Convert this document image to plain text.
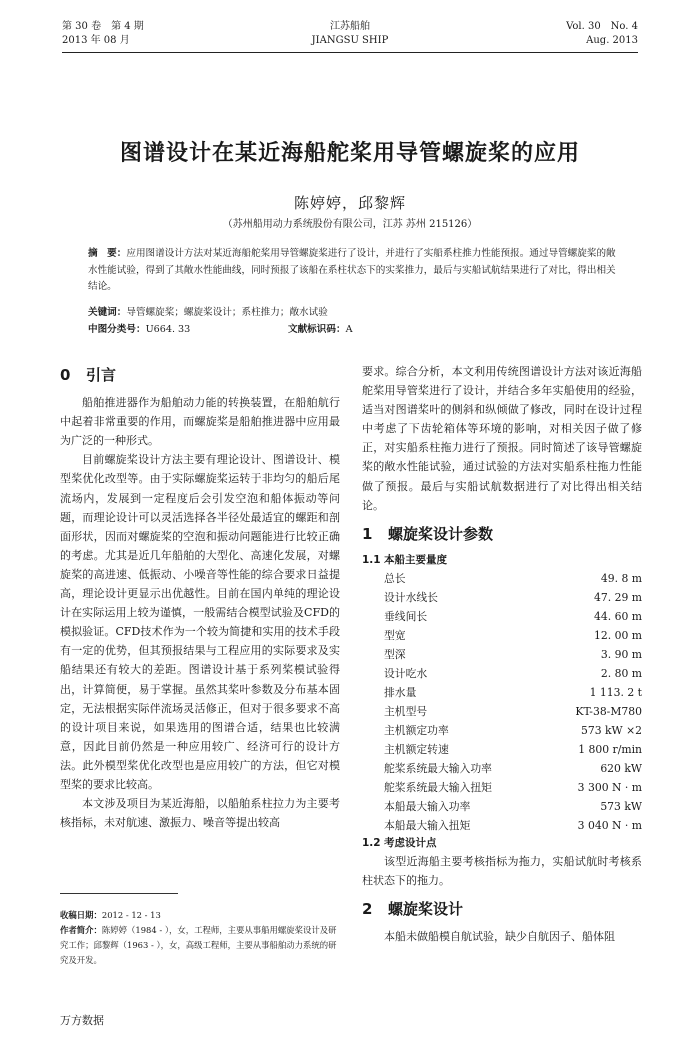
第 30 卷　第 4 期
2013 年 08 月
江苏船舶
JIANGSU SHIP
Vol. 30　No. 4
Aug. 2013
图谱设计在某近海船舵桨用导管螺旋桨的应用
陈婷婷，邱黎辉
（苏州船用动力系统股份有限公司，江苏 苏州 215126）
摘　要：应用图谱设计方法对某近海船舵桨用导管螺旋桨进行了设计，并进行了实船系柱推力性能预报。通过导管螺旋桨的敞水性能试验，得到了其敞水性能曲线，同时预报了该船在系柱状态下的实桨推力，最后与实船试航结果进行了对比，得出相关结论。
关键词：导管螺旋桨；螺旋桨设计；系柱推力；敞水试验
中图分类号：U664. 33	文献标识码：A
0 引言

船舶推进器作为船舶动力能的转换装置，在船舶航行中起着非常重要的作用，而螺旋桨是船舶推进器中应用最为广泛的一种形式。

目前螺旋桨设计方法主要有理论设计、图谱设计、模型桨优化改型等。由于实际螺旋桨运转于非均匀的船后尾流场内，发展到一定程度后会引发空泡和船体振动等问题，而理论设计可以灵活选择各半径处最适宜的螺距和剖面形状，因而对螺旋桨的空泡和振动问题能进行比较正确的考虑。尤其是近几年船舶的大型化、高速化发展，对螺旋桨的高进速、低振动、小噪音等性能的综合要求日益提高，理论设计更显示出优越性。目前在国内单纯的理论设计在实际运用上较为谨慎，一般需结合模型试验及CFD的模拟验证。CFD技术作为一个较为简捷和实用的技术手段有一定的优势，但其预报结果与工程应用的实际要求及实船结果还有较大的差距。图谱设计基于系列桨模试验得出，计算简便，易于掌握。虽然其桨叶参数及分布基本固定，无法根据实际伴流场灵活修正，但对于很多要求不高的设计项目来说，如果选用的图谱合适，结果也比较满意，因此目前仍然是一种应用较广、经济可行的设计方法。此外模型桨优化改型也是应用较广的方法，但它对模型桨的要求比较高。

本文涉及项目为某近海船，以船舶系柱拉力为主要考核指标，未对航速、激振力、噪音等提出较高

要求。综合分析，本文利用传统图谱设计方法对该近海船舵桨用导管桨进行了设计，并结合多年实船使用的经验，适当对图谱桨叶的侧斜和纵倾做了修改，同时在设计过程中考虑了下齿轮箱体等环境的影响，对相关因子做了修正，对实船系柱拖力进行了预报。同时简述了该导管螺旋桨的敞水性能试验，通过试验的方法对实船系柱拖力性能做了预报。最后与实船试航数据进行了对比得出相关结论。

1 螺旋桨设计参数
1.1 本船主要量度
总长	49. 8 m
设计水线长	47. 29 m
垂线间长	44. 60 m
型宽	12. 00 m
型深	3. 90 m
设计吃水	2. 80 m
排水量	1 113. 2 t
主机型号	KT-38-M780
主机额定功率	573 kW ×2
主机额定转速	1 800 r/min
舵桨系统最大输入功率	620 kW
舵桨系统最大输入扭矩	3 300 N · m
本船最大输入功率	573 kW
本船最大输入扭矩	3 040 N · m
1.2 考虑设计点

该型近海船主要考核指标为拖力，实船试航时考核系柱状态下的拖力。

2 螺旋桨设计

本船未做船模自航试验，缺少自航因子、船体阻

收稿日期：2012 - 12 - 13
作者简介：陈婷婷（1984 - ），女，工程师，主要从事船用螺旋桨设计及研究工作；邱黎辉（1963 - ），女，高级工程师，主要从事船舶动力系统的研究及开发。
万方数据
